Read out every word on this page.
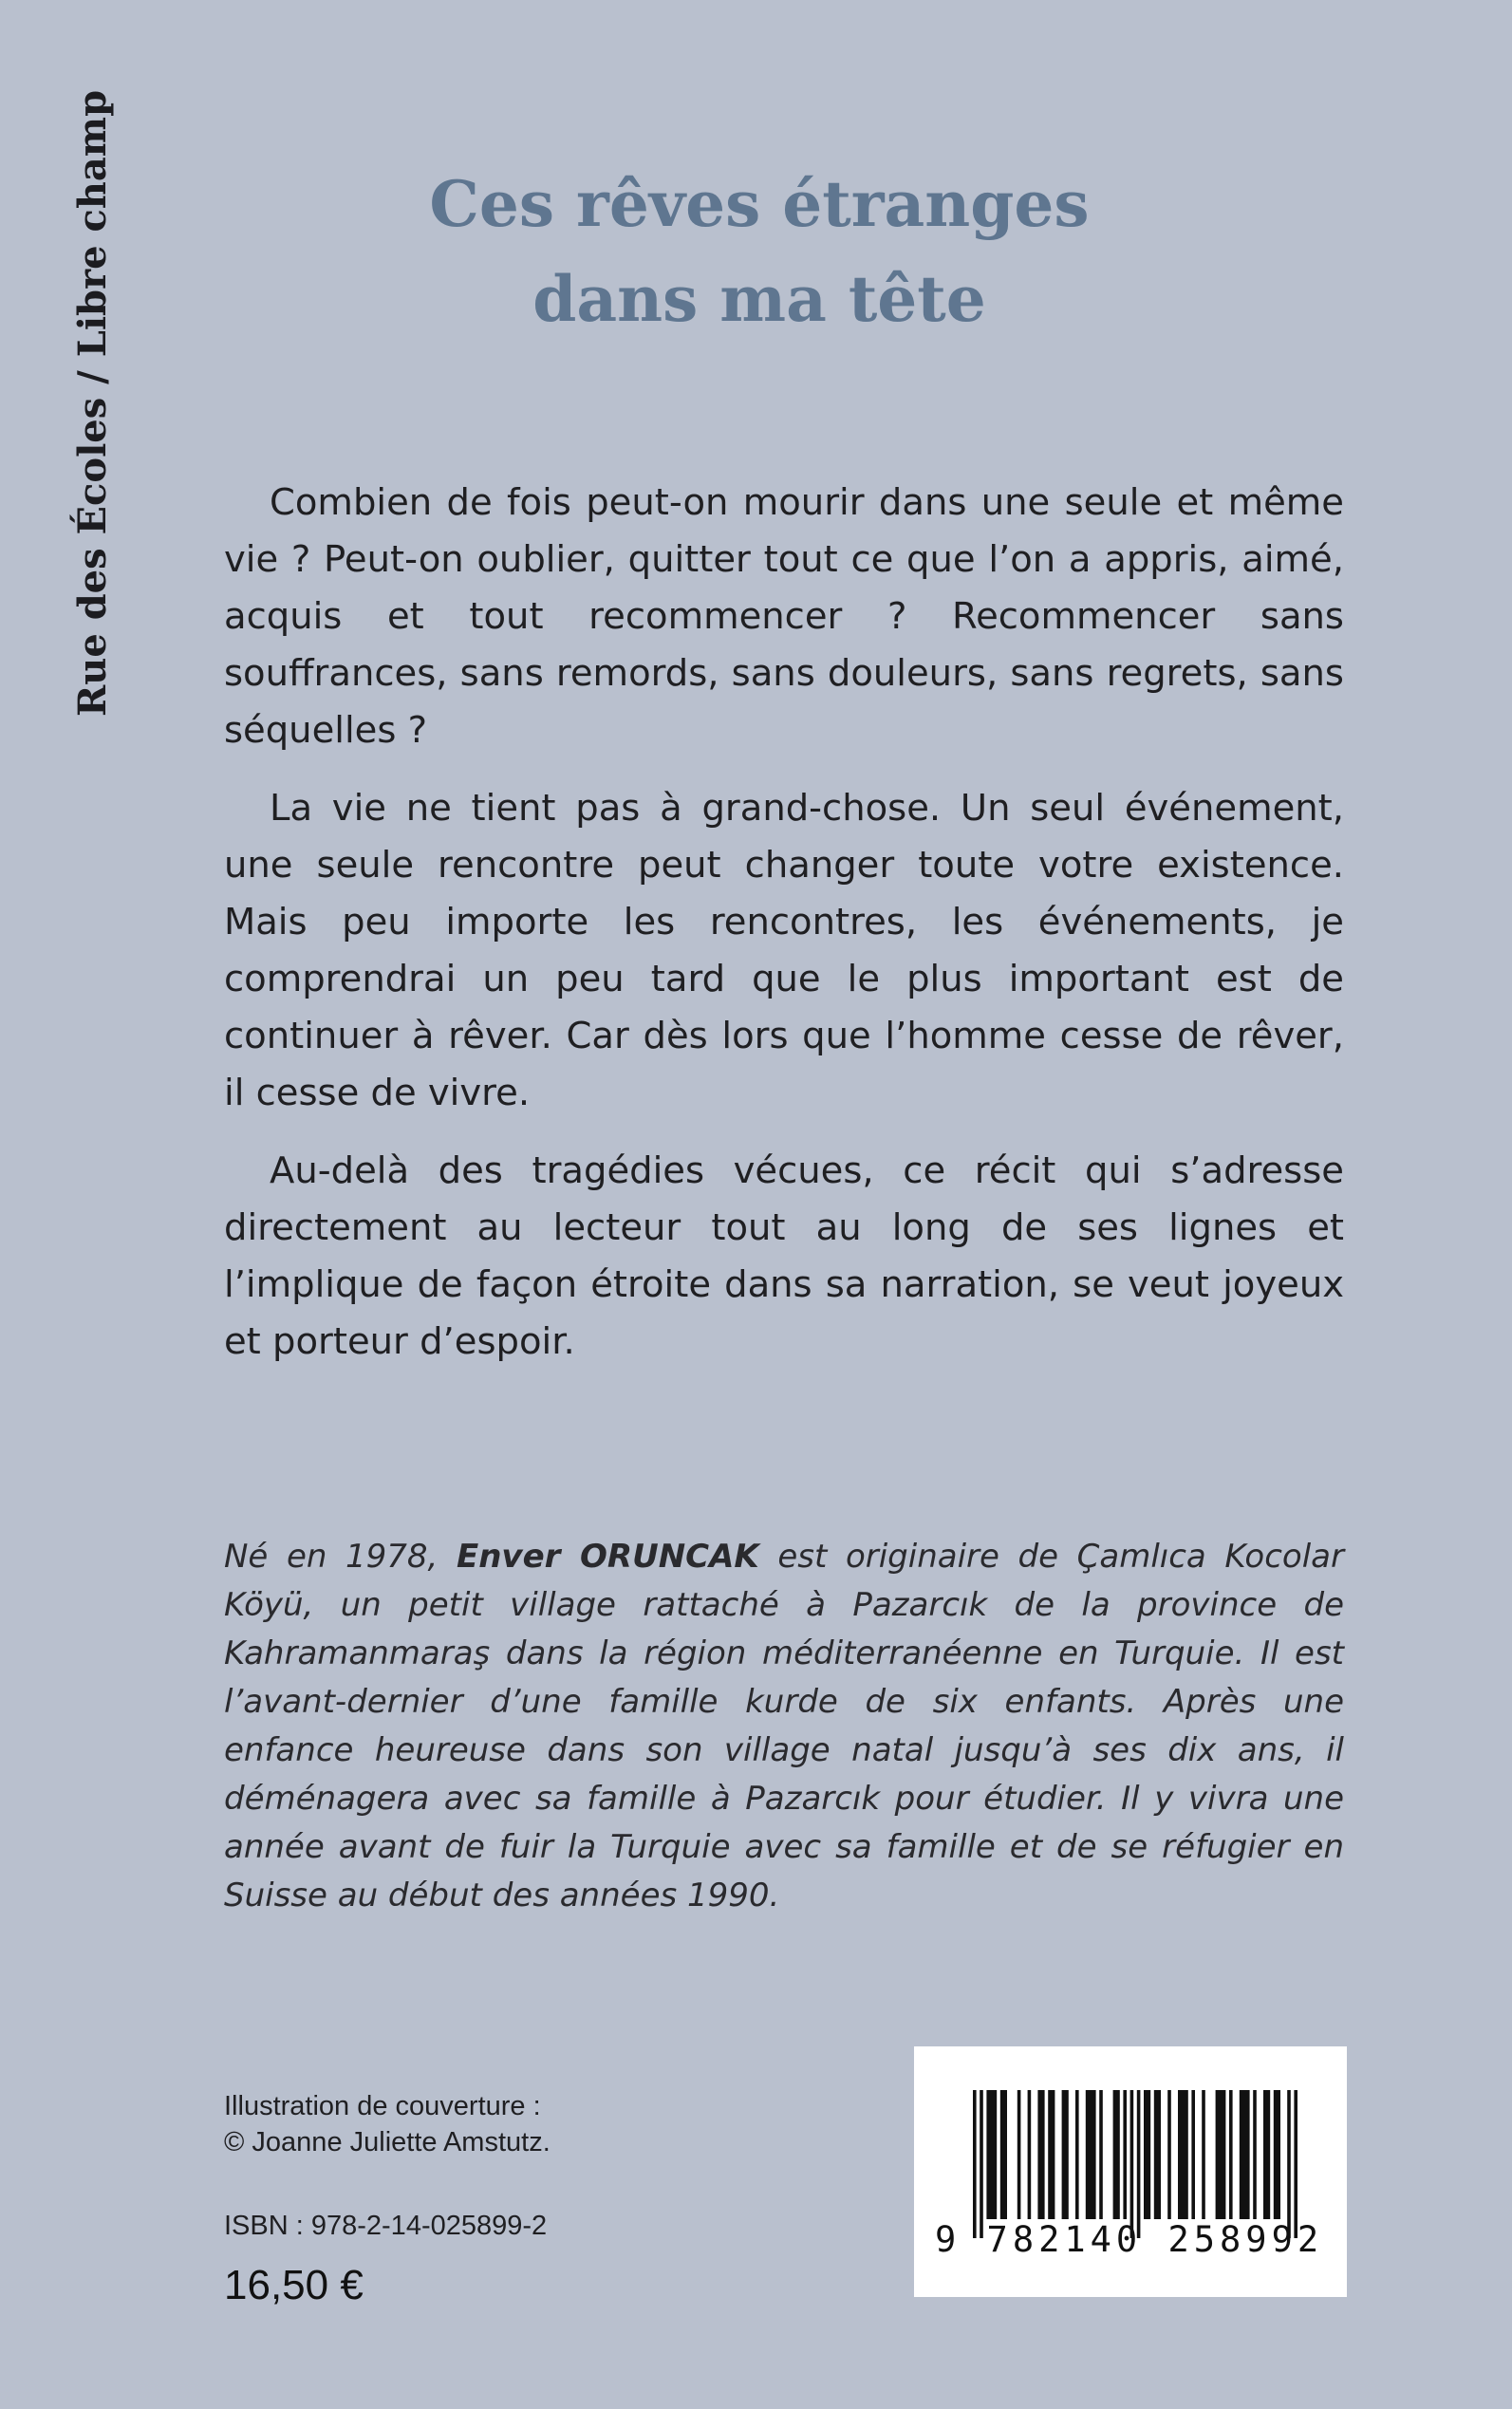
Rue des Écoles / Libre champ	Ces rêves étranges
dans ma tête

Combien de fois peut-on mourir dans une seule et même vie ? Peut-on oublier, quitter tout ce que l’on a appris, aimé, acquis et tout recommencer ? Recommencer sans souffrances, sans remords, sans douleurs, sans regrets, sans séquelles ?

La vie ne tient pas à grand-chose. Un seul événement, une seule rencontre peut changer toute votre existence. Mais peu importe les rencontres, les événements, je comprendrai un peu tard que le plus important est de continuer à rêver. Car dès lors que l’homme cesse de rêver, il cesse de vivre.

Au-delà des tragédies vécues, ce récit qui s’adresse directement au lecteur tout au long de ses lignes et l’implique de façon étroite dans sa narration, se veut joyeux et porteur d’espoir.

Né en 1978, Enver ORUNCAK est originaire de Çamlıca Kocolar Köyü, un petit village rattaché à Pazarcık de la province de Kahramanmaraş dans la région méditerranéenne en Turquie. Il est l’avant-dernier d’une famille kurde de six enfants. Après une enfance heureuse dans son village natal jusqu’à ses dix ans, il déménagera avec sa famille à Pazarcık pour étudier. Il y vivra une année avant de fuir la Turquie avec sa famille et de se réfugier en Suisse au début des années 1990.
Illustration de couverture :
© Joanne Juliette Amstutz.
ISBN : 978-2-14-025899-2
16,50 €
9 782140 258992
